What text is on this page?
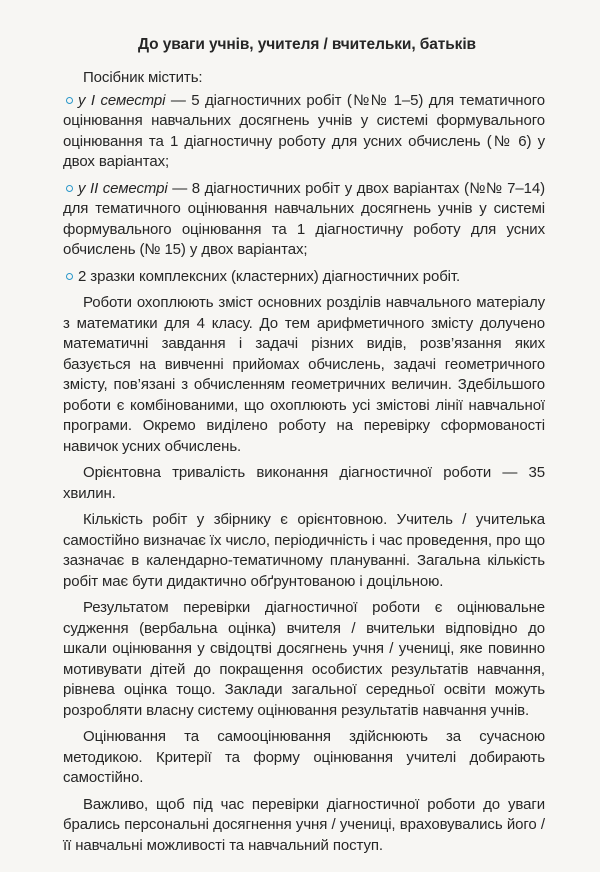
До уваги учнів, учителя / вчительки, батьків

Посібник містить:

у І семестрі — 5 діагностичних робіт (№№ 1–5) для тематичного оцінювання навчальних досягнень учнів у системі формувального оцінювання та 1 діагностичну роботу для усних обчислень (№ 6) у двох варіантах;
у ІІ семестрі — 8 діагностичних робіт у двох варіантах (№№ 7–14) для тематичного оцінювання навчальних досягнень учнів у системі формувального оцінювання та 1 діагностичну роботу для усних обчислень (№ 15) у двох варіантах;
2 зразки комплексних (кластерних) діагностичних робіт.

Роботи охоплюють зміст основних розділів навчального матеріалу з математики для 4 класу. До тем арифметичного змісту долучено математичні завдання і задачі різних видів, розв’язання яких базується на вивченні прийомах обчислень, задачі геометричного змісту, пов’язані з обчисленням геометричних величин. Здебільшого роботи є комбінованими, що охоплюють усі змістові лінії навчальної програми. Окремо виділено роботу на перевірку сформованості навичок усних обчислень.

Орієнтовна тривалість виконання діагностичної роботи — 35 хвилин.

Кількість робіт у збірнику є орієнтовною. Учитель / учителька самостійно визначає їх число, періодичність і час проведення, про що зазначає в календарно-тематичному плануванні. Загальна кількість робіт має бути дидактично обґрунтованою і доцільною.

Результатом перевірки діагностичної роботи є оцінювальне судження (вербальна оцінка) вчителя / вчительки відповідно до шкали оцінювання у свідоцтві досягнень учня / учениці, яке повинно мотивувати дітей до покращення особистих результатів навчання, рівнева оцінка тощо. Заклади загальної середньої освіти можуть розробляти власну систему оцінювання результатів навчання учнів.

Оцінювання та самооцінювання здійснюють за сучасною методикою. Критерії та форму оцінювання учителі добирають самостійно.

Важливо, щоб під час перевірки діагностичної роботи до уваги брались персональні досягнення учня / учениці, враховувались його / її навчальні можливості та навчальний поступ.
